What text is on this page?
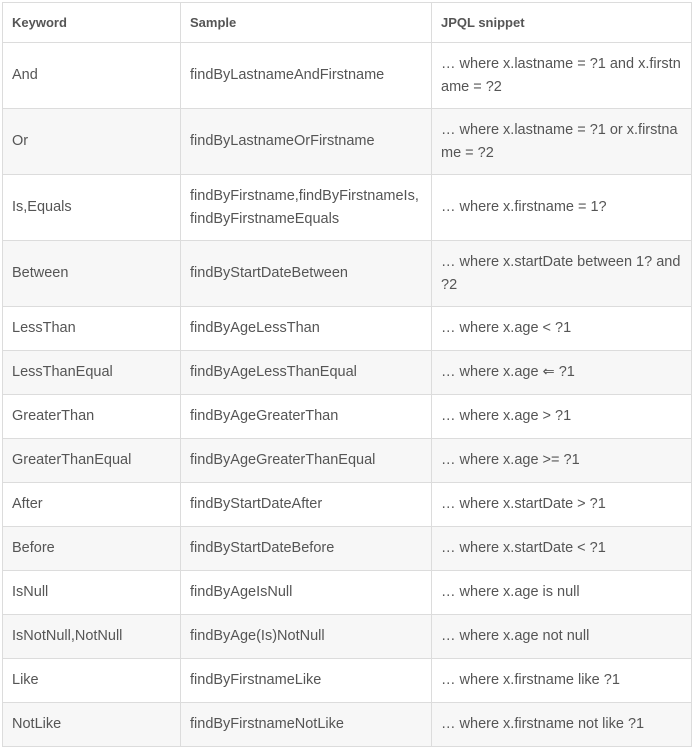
Keyword	Sample	JPQL snippet
And	findByLastnameAndFirstname	… where x.lastname = ?1 and x.firstname = ?2
Or	findByLastnameOrFirstname	… where x.lastname = ?1 or x.firstname = ?2
Is,Equals	findByFirstname,findByFirstnameIs,findByFirstnameEquals	… where x.firstname = 1?
Between	findByStartDateBetween	… where x.startDate between 1? and ?2
LessThan	findByAgeLessThan	… where x.age < ?1
LessThanEqual	findByAgeLessThanEqual	… where x.age ⇐ ?1
GreaterThan	findByAgeGreaterThan	… where x.age > ?1
GreaterThanEqual	findByAgeGreaterThanEqual	… where x.age >= ?1
After	findByStartDateAfter	… where x.startDate > ?1
Before	findByStartDateBefore	… where x.startDate < ?1
IsNull	findByAgeIsNull	… where x.age is null
IsNotNull,NotNull	findByAge(Is)NotNull	… where x.age not null
Like	findByFirstnameLike	… where x.firstname like ?1
NotLike	findByFirstnameNotLike	… where x.firstname not like ?1
